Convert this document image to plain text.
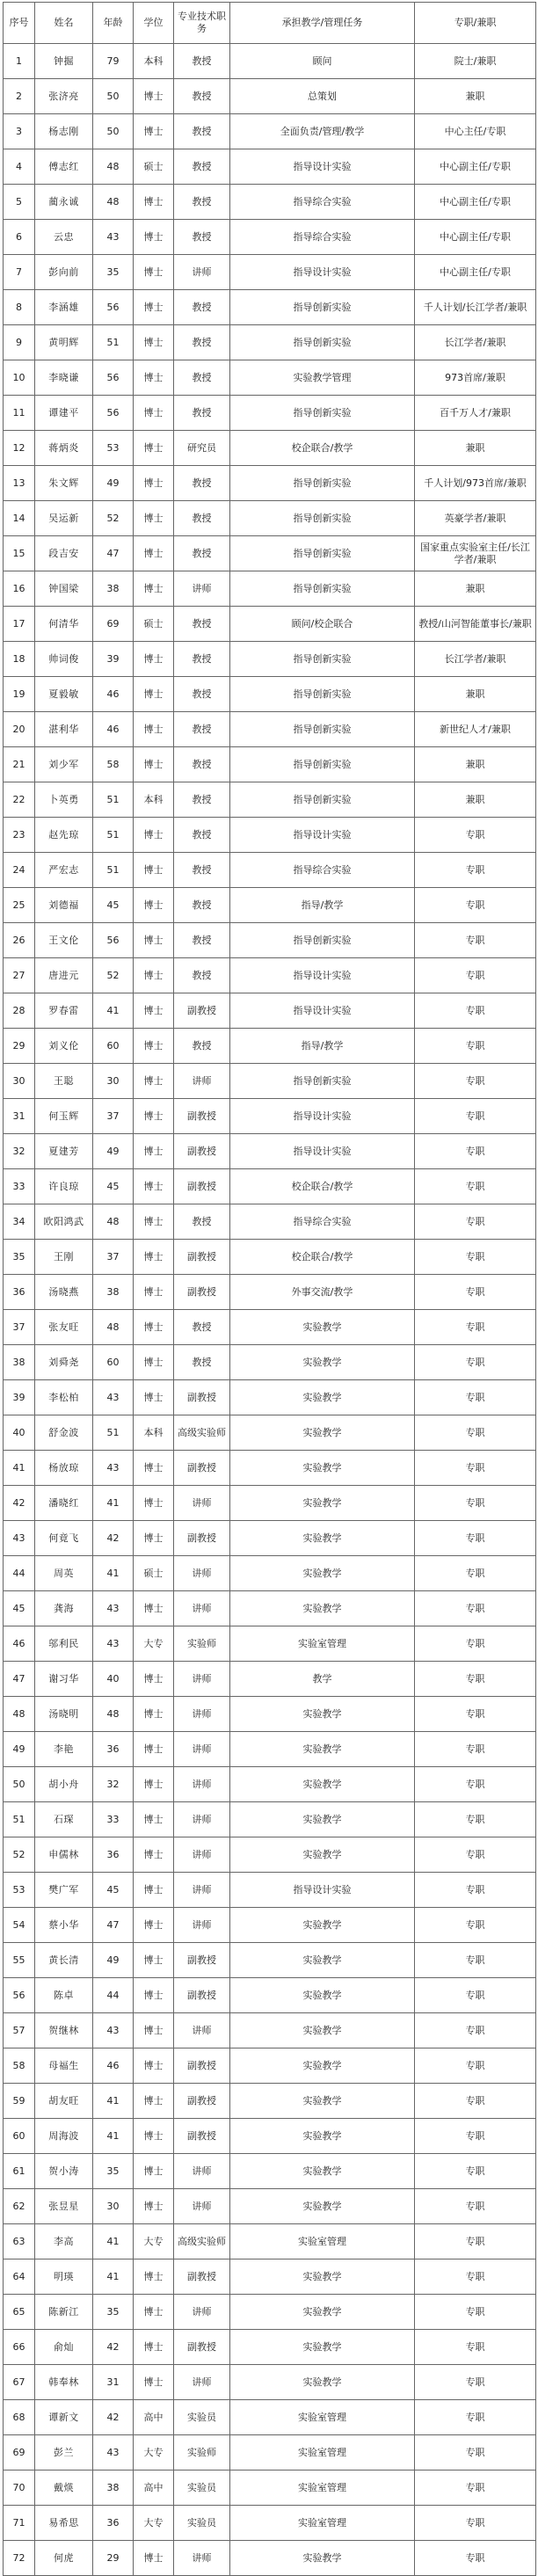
序号	姓名	年龄	学位	专业技术职务	承担教学/管理任务	专职/兼职
1	钟掘	79	本科	教授	顾问	院士/兼职
2	张济亮	50	博士	教授	总策划	兼职
3	杨志刚	50	博士	教授	全面负责/管理/教学	中心主任/专职
4	傅志红	48	硕士	教授	指导设计实验	中心副主任/专职
5	蔺永诚	48	博士	教授	指导综合实验	中心副主任/专职
6	云忠	43	博士	教授	指导综合实验	中心副主任/专职
7	彭向前	35	博士	讲师	指导设计实验	中心副主任/专职
8	李涵雄	56	博士	教授	指导创新实验	千人计划/长江学者/兼职
9	黄明辉	51	博士	教授	指导创新实验	长江学者/兼职
10	李晓谦	56	博士	教授	实验教学管理	973首席/兼职
11	谭建平	56	博士	教授	指导创新实验	百千万人才/兼职
12	蒋炳炎	53	博士	研究员	校企联合/教学	兼职
13	朱文辉	49	博士	教授	指导创新实验	千人计划/973首席/兼职
14	吴运新	52	博士	教授	指导创新实验	英豪学者/兼职
15	段吉安	47	博士	教授	指导创新实验	国家重点实验室主任/长江学者/兼职
16	钟国梁	38	博士	讲师	指导创新实验	兼职
17	何清华	69	硕士	教授	顾问/校企联合	教授/山河智能董事长/兼职
18	帅词俊	39	博士	教授	指导创新实验	长江学者/兼职
19	夏毅敏	46	博士	教授	指导创新实验	兼职
20	湛利华	46	博士	教授	指导创新实验	新世纪人才/兼职
21	刘少军	58	博士	教授	指导创新实验	兼职
22	卜英勇	51	本科	教授	指导创新实验	兼职
23	赵先琼	51	博士	教授	指导设计实验	专职
24	严宏志	51	博士	教授	指导综合实验	专职
25	刘德福	45	博士	教授	指导/教学	专职
26	王文伦	56	博士	教授	指导创新实验	专职
27	唐进元	52	博士	教授	指导设计实验	专职
28	罗春雷	41	博士	副教授	指导设计实验	专职
29	刘义伦	60	博士	教授	指导/教学	专职
30	王聪	30	博士	讲师	指导创新实验	专职
31	何玉辉	37	博士	副教授	指导设计实验	专职
32	夏建芳	49	博士	副教授	指导设计实验	专职
33	许良琼	45	博士	副教授	校企联合/教学	专职
34	欧阳鸿武	48	博士	教授	指导综合实验	专职
35	王刚	37	博士	副教授	校企联合/教学	专职
36	汤晓燕	38	博士	副教授	外事交流/教学	专职
37	张友旺	48	博士	教授	实验教学	专职
38	刘舜尧	60	博士	教授	实验教学	专职
39	李松柏	43	博士	副教授	实验教学	专职
40	舒金波	51	本科	高级实验师	实验教学	专职
41	杨放琼	43	博士	副教授	实验教学	专职
42	潘晓红	41	博士	讲师	实验教学	专职
43	何竟飞	42	博士	副教授	实验教学	专职
44	周英	41	硕士	讲师	实验教学	专职
45	龚海	43	博士	讲师	实验教学	专职
46	邬利民	43	大专	实验师	实验室管理	专职
47	谢习华	40	博士	讲师	教学	专职
48	汤晓明	48	博士	讲师	实验教学	专职
49	李艳	36	博士	讲师	实验教学	专职
50	胡小舟	32	博士	讲师	实验教学	专职
51	石琛	33	博士	讲师	实验教学	专职
52	申儒林	36	博士	讲师	实验教学	专职
53	樊广军	45	博士	讲师	指导设计实验	专职
54	蔡小华	47	博士	讲师	实验教学	专职
55	黄长清	49	博士	副教授	实验教学	专职
56	陈卓	44	博士	副教授	实验教学	专职
57	贺继林	43	博士	讲师	实验教学	专职
58	母福生	46	博士	副教授	实验教学	专职
59	胡友旺	41	博士	副教授	实验教学	专职
60	周海波	41	博士	副教授	实验教学	专职
61	贺小涛	35	博士	讲师	实验教学	专职
62	张昱星	30	博士	讲师	实验教学	专职
63	李高	41	大专	高级实验师	实验室管理	专职
64	明瑛	41	博士	副教授	实验教学	专职
65	陈新江	35	博士	讲师	实验教学	专职
66	俞灿	42	博士	副教授	实验教学	专职
67	韩奉林	31	博士	讲师	实验教学	专职
68	谭新文	42	高中	实验员	实验室管理	专职
69	彭兰	43	大专	实验师	实验室管理	专职
70	戴煐	38	高中	实验员	实验室管理	专职
71	易希思	36	大专	实验员	实验室管理	专职
72	何虎	29	博士	讲师	实验教学	专职
